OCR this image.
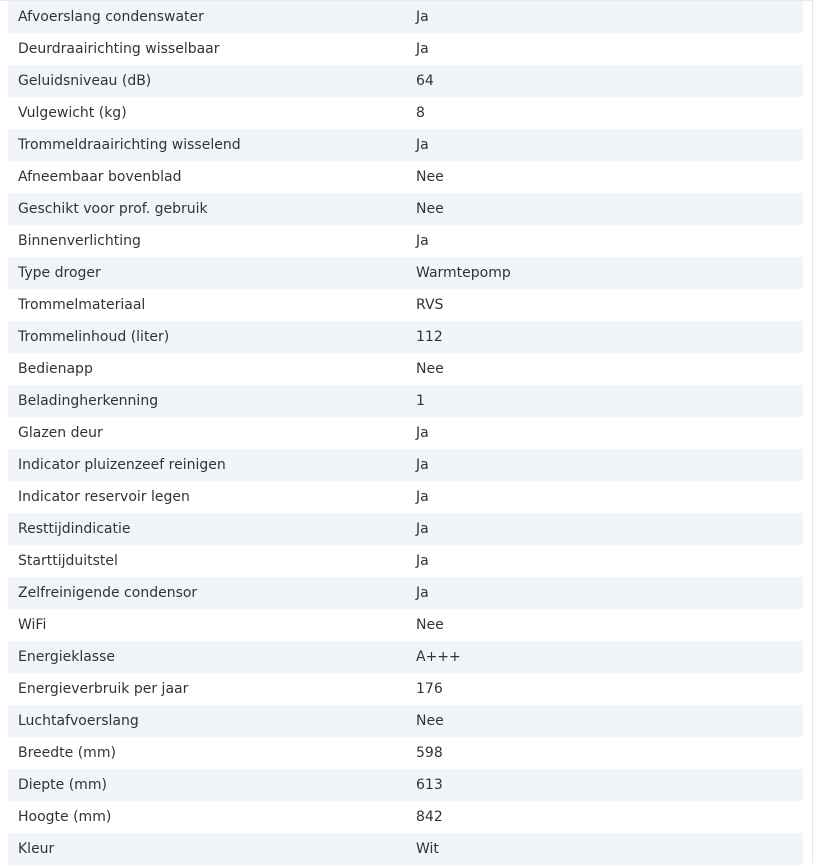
Afvoerslang condenswater	Ja
Deurdraairichting wisselbaar	Ja
Geluidsniveau (dB)	64
Vulgewicht (kg)	8
Trommeldraairichting wisselend	Ja
Afneembaar bovenblad	Nee
Geschikt voor prof. gebruik	Nee
Binnenverlichting	Ja
Type droger	Warmtepomp
Trommelmateriaal	RVS
Trommelinhoud (liter)	112
Bedienapp	Nee
Beladingherkenning	1
Glazen deur	Ja
Indicator pluizenzeef reinigen	Ja
Indicator reservoir legen	Ja
Resttijdindicatie	Ja
Starttijduitstel	Ja
Zelfreinigende condensor	Ja
WiFi	Nee
Energieklasse	A+++
Energieverbruik per jaar	176
Luchtafvoerslang	Nee
Breedte (mm)	598
Diepte (mm)	613
Hoogte (mm)	842
Kleur	Wit
